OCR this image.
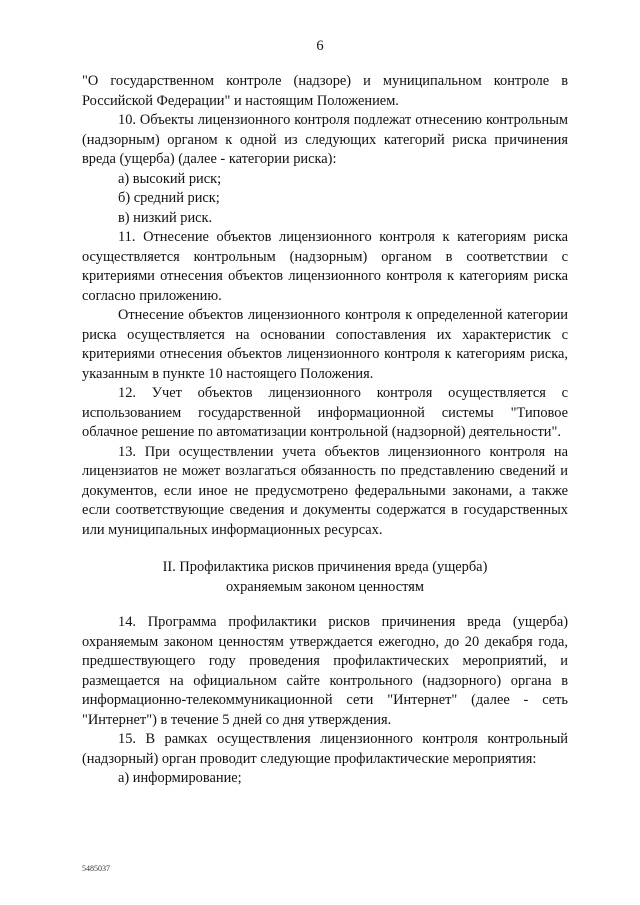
6

"О государственном контроле (надзоре) и муниципальном контроле в Российской Федерации" и настоящим Положением.

10. Объекты лицензионного контроля подлежат отнесению контрольным (надзорным) органом к одной из следующих категорий риска причинения вреда (ущерба) (далее - категории риска):

а) высокий риск;

б) средний риск;

в) низкий риск.

11. Отнесение объектов лицензионного контроля к категориям риска осуществляется контрольным (надзорным) органом в соответствии с критериями отнесения объектов лицензионного контроля к категориям риска согласно приложению.

Отнесение объектов лицензионного контроля к определенной категории риска осуществляется на основании сопоставления их характеристик с критериями отнесения объектов лицензионного контроля к категориям риска, указанным в пункте 10 настоящего Положения.

12. Учет объектов лицензионного контроля осуществляется с использованием государственной информационной системы "Типовое облачное решение по автоматизации контрольной (надзорной) деятельности".

13. При осуществлении учета объектов лицензионного контроля на лицензиатов не может возлагаться обязанность по представлению сведений и документов, если иное не предусмотрено федеральными законами, а также если соответствующие сведения и документы содержатся в государственных или муниципальных информационных ресурсах.

II. Профилактика рисков причинения вреда (ущерба)
охраняемым законом ценностям

14. Программа профилактики рисков причинения вреда (ущерба) охраняемым законом ценностям утверждается ежегодно, до 20 декабря года, предшествующего году проведения профилактических мероприятий, и размещается на официальном сайте контрольного (надзорного) органа в информационно-телекоммуникационной сети "Интернет" (далее - сеть "Интернет") в течение 5 дней со дня утверждения.

15. В рамках осуществления лицензионного контроля контрольный (надзорный) орган проводит следующие профилактические мероприятия:

а) информирование;

5485037
